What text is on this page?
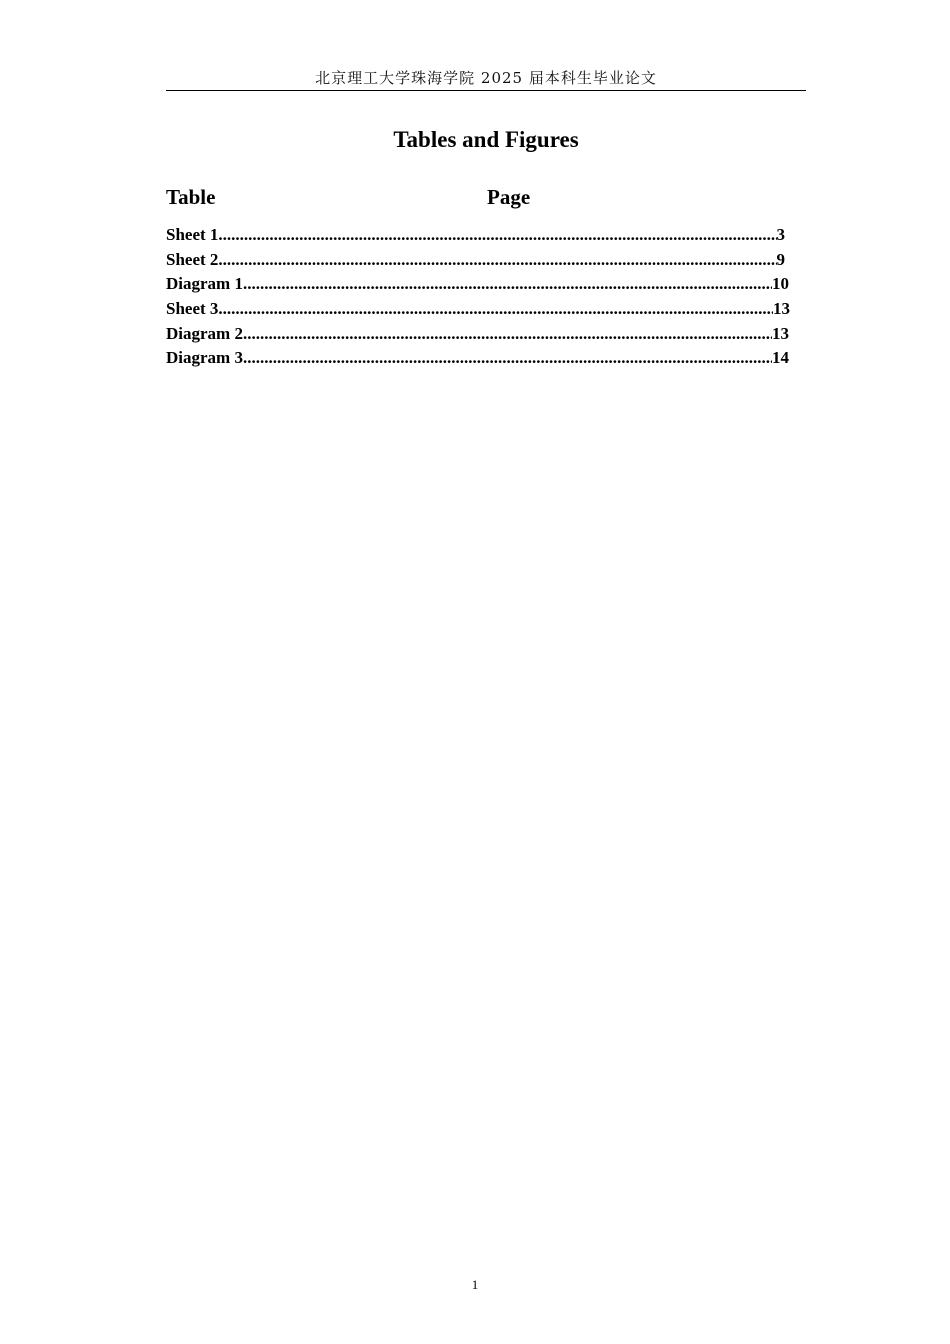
北京理工大学珠海学院 2025 届本科生毕业论文
Tables and Figures
Table	Page
Sheet 1 .....	3
Sheet 2 .....	9
Diagram 1 .....	10
Sheet 3 .....	13
Diagram 2 .....	13
Diagram 3 .....	14
1
